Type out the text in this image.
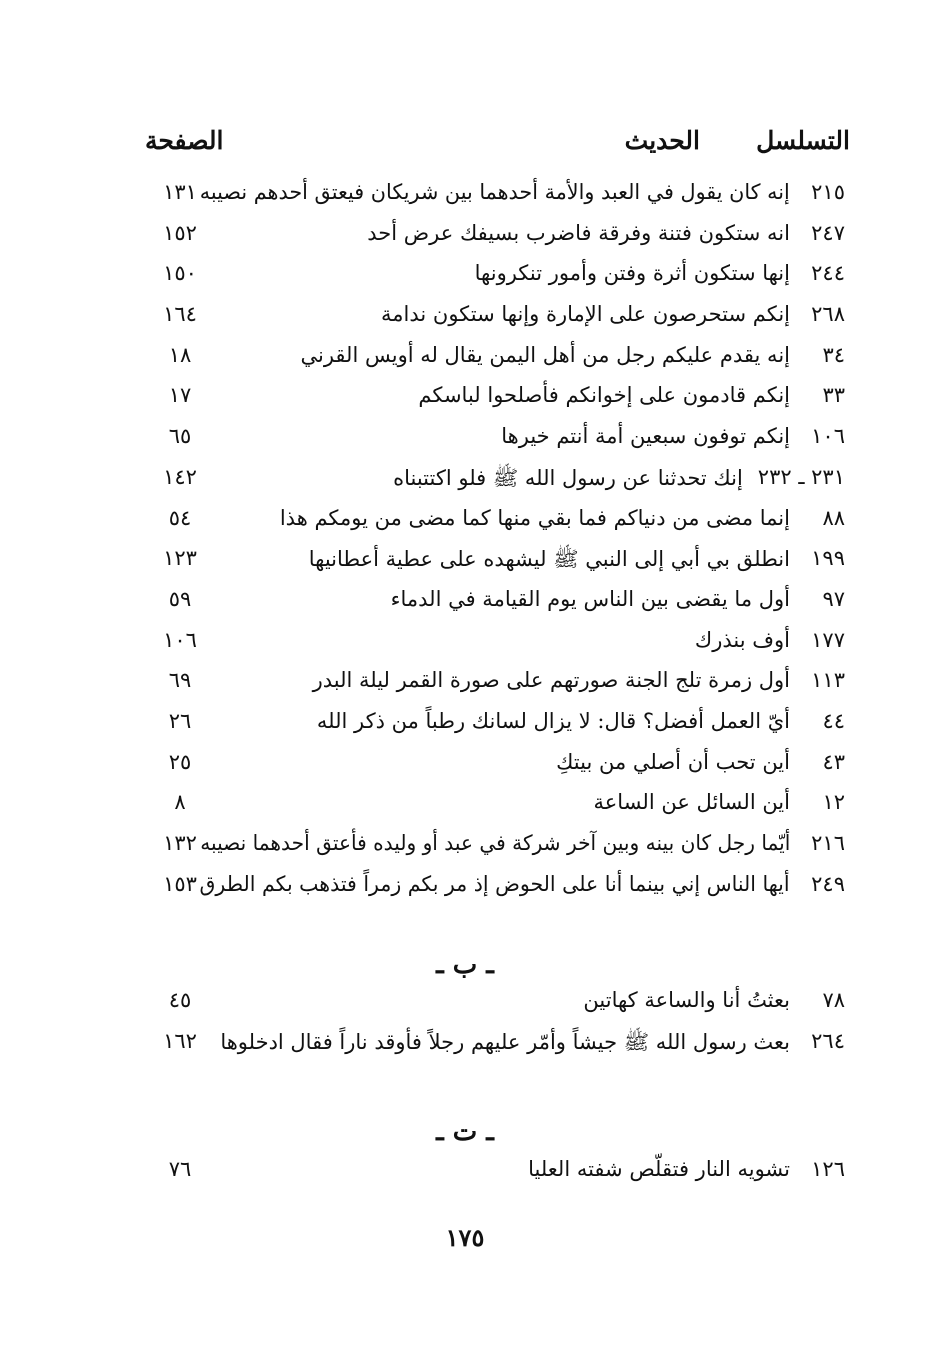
التسلسل
الحديث
الصفحة
٢١٥
إنه كان يقول في العبد والأمة أحدهما بين شريكان فيعتق أحدهم نصيبه
١٣١
٢٤٧
انه ستكون فتنة وفرقة فاضرب بسيفك عرض أحد
١٥٢
٢٤٤
إنها ستكون أثرة وفتن وأمور تنكرونها
١٥٠
٢٦٨
إنكم ستحرصون على الإمارة وإنها ستكون ندامة
١٦٤
٣٤
إنه يقدم عليكم رجل من أهل اليمن يقال له أويس القرني
١٨
٣٣
إنكم قادمون على إخوانكم فأصلحوا لباسكم
١٧
١٠٦
إنكم توفون سبعين أمة أنتم خيرها
٦٥
٢٣١ ـ ٢٣٢
إنك تحدثنا عن رسول الله ﷺ فلو اكتتبناه
١٤٢
٨٨
إنما مضى من دنياكم فما بقي منها كما مضى من يومكم هذا
٥٤
١٩٩
انطلق بي أبي إلى النبي ﷺ ليشهده على عطية أعطانيها
١٢٣
٩٧
أول ما يقضى بين الناس يوم القيامة في الدماء
٥٩
١٧٧
أوف بنذرك
١٠٦
١١٣
أول زمرة تلج الجنة صورتهم على صورة القمر ليلة البدر
٦٩
٤٤
أيّ العمل أفضل؟ قال: لا يزال لسانك رطباً من ذكر الله
٢٦
٤٣
أين تحب أن أصلي من بيتكِ
٢٥
١٢
أين السائل عن الساعة
٨
٢١٦
أيّما رجل كان بينه وبين آخر شركة في عبد أو وليده فأعتق أحدهما نصيبه
١٣٢
٢٤٩
أيها الناس إني بينما أنا على الحوض إذ مر بكم زمراً فتذهب بكم الطرق
١٥٣
ـ ب ـ
٧٨
بعثتُ أنا والساعة كهاتين
٤٥
٢٦٤
بعث رسول الله ﷺ جيشاً وأمّر عليهم رجلاً فأوقد ناراً فقال ادخلوها
١٦٢
ـ ت ـ
١٢٦
تشويه النار فتقلّص شفته العليا
٧٦
١٧٥
